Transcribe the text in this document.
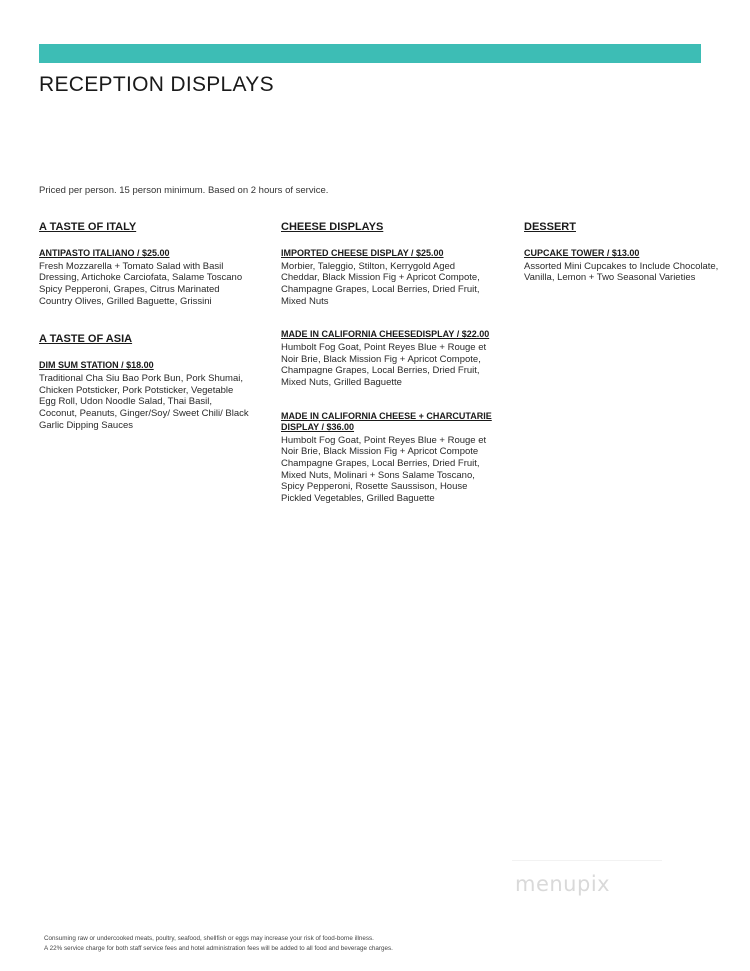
RECEPTION DISPLAYS

Priced per person. 15 person minimum. Based on 2 hours of service.

A TASTE OF ITALY
ANTIPASTO ITALIANO / $25.00

Fresh Mozzarella + Tomato Salad with Basil Dressing, Artichoke Carciofata, Salame Toscano Spicy Pepperoni, Grapes, Citrus Marinated Country Olives, Grilled Baguette, Grissini

A TASTE OF ASIA
DIM SUM STATION / $18.00

Traditional Cha Siu Bao Pork Bun, Pork Shumai, Chicken Potsticker, Pork Potsticker, Vegetable Egg Roll, Udon Noodle Salad, Thai Basil, Coconut, Peanuts, Ginger/Soy/ Sweet Chili/ Black Garlic Dipping Sauces

CHEESE DISPLAYS
IMPORTED CHEESE DISPLAY / $25.00

Morbier, Taleggio, Stilton, Kerrygold Aged Cheddar, Black Mission Fig + Apricot Compote, Champagne Grapes, Local Berries, Dried Fruit, Mixed Nuts

MADE IN CALIFORNIA CHEESEDISPLAY / $22.00

Humbolt Fog Goat, Point Reyes Blue + Rouge et Noir Brie, Black Mission Fig + Apricot Compote, Champagne Grapes, Local Berries, Dried Fruit, Mixed Nuts, Grilled Baguette

MADE IN CALIFORNIA CHEESE + CHARCUTARIE DISPLAY / $36.00

Humbolt Fog Goat, Point Reyes Blue + Rouge et Noir Brie, Black Mission Fig + Apricot Compote Champagne Grapes, Local Berries, Dried Fruit, Mixed Nuts, Molinari + Sons Salame Toscano, Spicy Pepperoni, Rosette Saussison, House Pickled Vegetables, Grilled Baguette

DESSERT
CUPCAKE TOWER / $13.00

Assorted Mini Cupcakes to Include Chocolate, Vanilla, Lemon + Two Seasonal Varieties

menupix
Consuming raw or undercooked meats, poultry, seafood, shellfish or eggs may increase your risk of food-borne illness.
A 22% service charge for both staff service fees and hotel administration fees will be added to all food and beverage charges.
